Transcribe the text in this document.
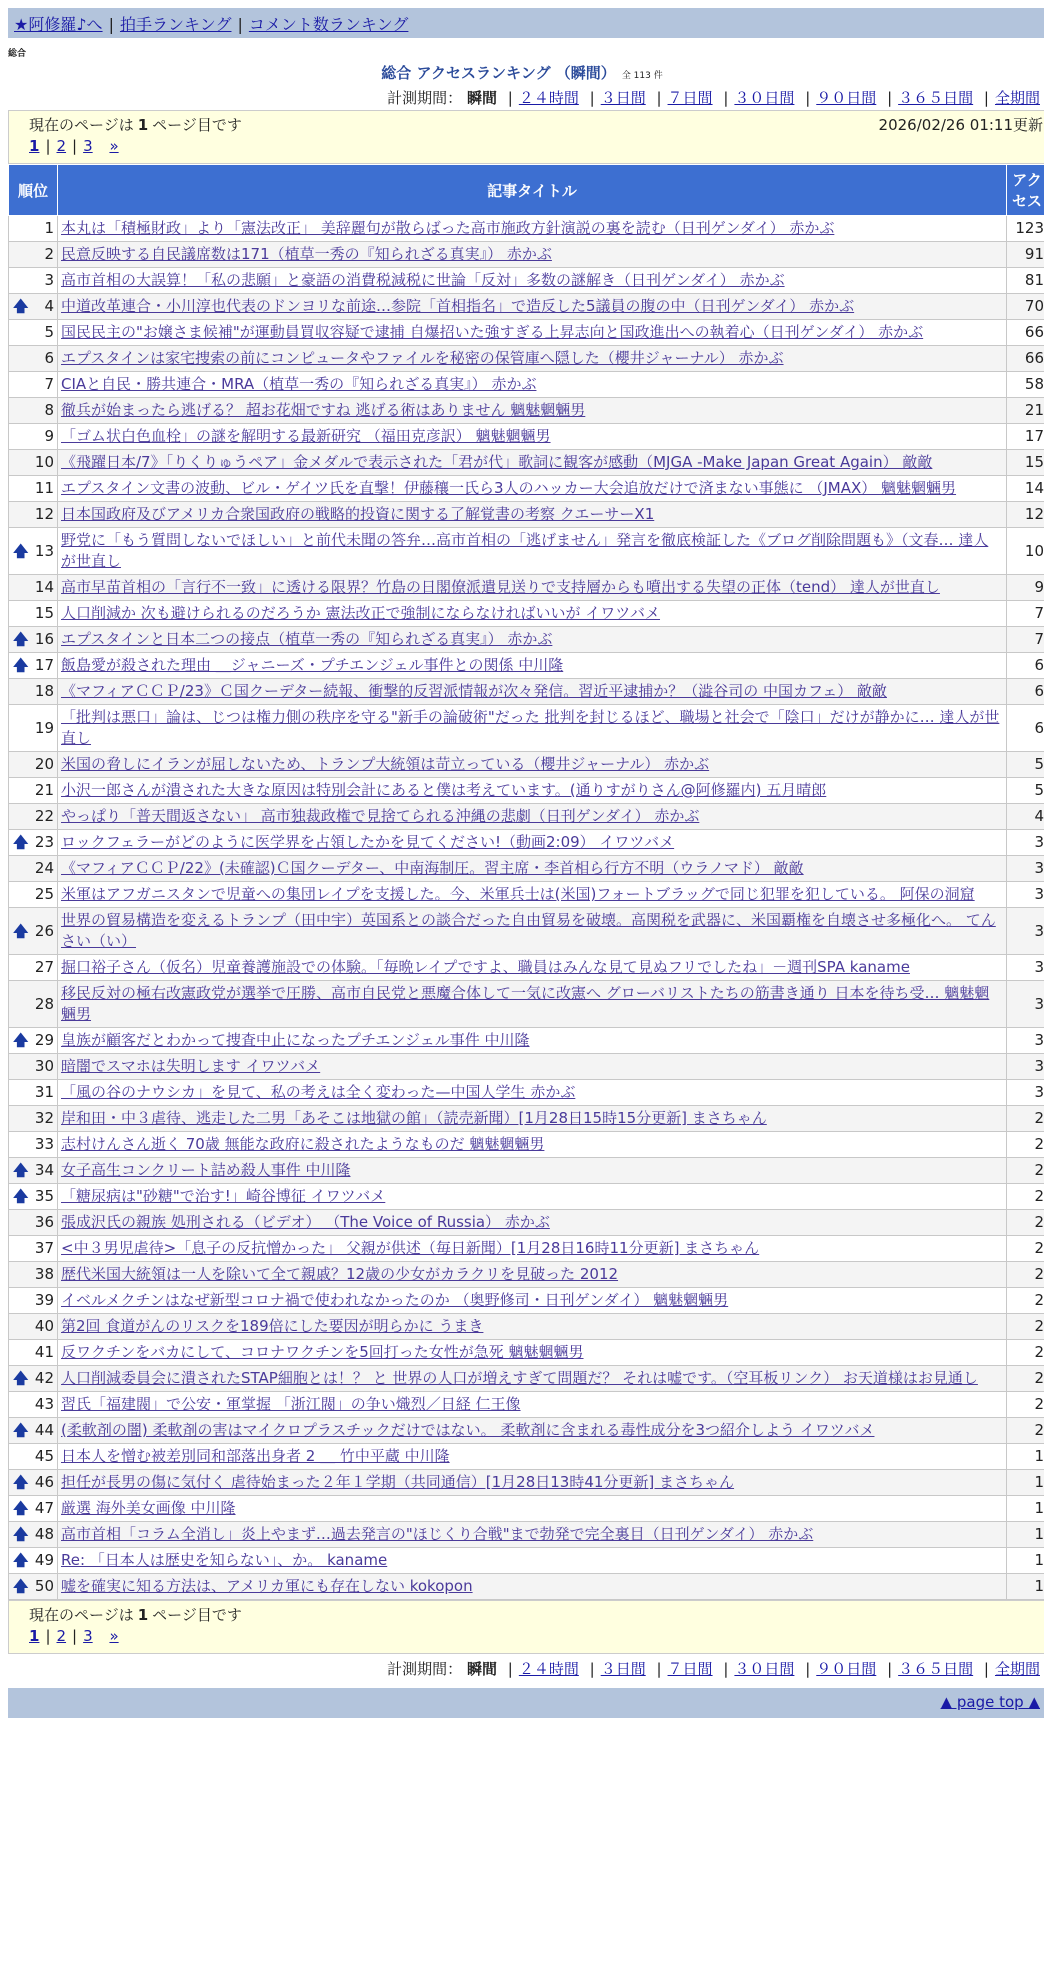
★阿修羅♪へ | 拍手ランキング | コメント数ランキング
総合
総合 アクセスランキング （瞬間） 全 113 件
計測期間： 瞬間 | ２４時間 | ３日間 | ７日間 | ３０日間 | ９０日間 | ３６５日間 | 全期間
現在のページは 1 ページ目です	2026/02/26 01:11更新
1 | 2 | 3 »
順位	記事タイトル	アクセス
1	本丸は「積極財政」より「憲法改正」 美辞麗句が散らばった高市施政方針演説の裏を読む（日刊ゲンダイ） 赤かぶ	123
2	民意反映する自民議席数は171（植草一秀の『知られざる真実』） 赤かぶ	91
3	高市首相の大誤算！「私の悲願」と豪語の消費税減税に世論「反対」多数の謎解き（日刊ゲンダイ） 赤かぶ	81

🡅 4	中道改革連合・小川淳也代表のドンヨリな前途…参院「首相指名」で造反した5議員の腹の中（日刊ゲンダイ） 赤かぶ	70
5	国民民主の"お嬢さま候補"が運動員買収容疑で逮捕 自爆招いた強すぎる上昇志向と国政進出への執着心（日刊ゲンダイ） 赤かぶ	66
6	エプスタインは家宅捜索の前にコンピュータやファイルを秘密の保管庫へ隠した（櫻井ジャーナル） 赤かぶ	66
7	CIAと自民・勝共連合・MRA（植草一秀の『知られざる真実』） 赤かぶ	58
8	徹兵が始まったら逃げる？ 超お花畑ですね 逃げる術はありません 魑魅魍魎男	21
9	「ゴム状白色血栓」の謎を解明する最新研究 （福田克彦訳） 魑魅魍魎男	17
10	《飛躍日本/7》「りくりゅうペア」金メダルで表示された「君が代」歌詞に観客が感動（MJGA -Make Japan Great Again） 敵敵	15
11	エプスタイン文書の波動、ビル・ゲイツ氏を直撃！伊藤穰一氏ら3人のハッカー大会追放だけで済まない事態に （JMAX） 魑魅魍魎男	14
12	日本国政府及びアメリカ合衆国政府の戦略的投資に関する了解覚書の考察 クエーサーX1	12

🡅 13	野党に「もう質問しないでほしい」と前代未聞の答弁…高市首相の「逃げません」発言を徹底検証した《ブログ削除問題も》（文春… 達人が世直し	10
14	高市早苗首相の「言行不一致」に透ける限界？竹島の日閣僚派遣見送りで支持層からも噴出する失望の正体（tend） 達人が世直し	9
15	人口削減か 次も避けられるのだろうか 憲法改正で強制にならなければいいが イワツバメ	7

🡅 16	エプスタインと日本二つの接点（植草一秀の『知られざる真実』） 赤かぶ	7

🡅 17	飯島愛が殺された理由 ＿ジャニーズ・プチエンジェル事件との関係 中川隆	6
18	《マフィアＣＣＰ/23》Ｃ国クーデター続報、衝撃的反習派情報が次々発信。習近平逮捕か？（澁谷司の 中国カフェ） 敵敵	6
19	「批判は悪口」論は、じつは権力側の秩序を守る"新手の論破術"だった 批判を封じるほど、職場と社会で「陰口」だけが静かに… 達人が世直し	6
20	米国の脅しにイランが屈しないため、トランプ大統領は苛立っている（櫻井ジャーナル） 赤かぶ	5
21	小沢一郎さんが潰された大きな原因は特別会計にあると僕は考えています。(通りすがりさん@阿修羅内) 五月晴郎	5
22	やっぱり「普天間返さない」 高市独裁政権で見捨てられる沖縄の悲劇（日刊ゲンダイ） 赤かぶ	4

🡅 23	ロックフェラーがどのように医学界を占領したかを見てください!（動画2:09） イワツバメ	3
24	《マフィアＣＣＰ/22》(未確認)Ｃ国クーデター、中南海制圧。習主席・李首相ら行方不明（ウラノマド） 敵敵	3
25	米軍はアフガニスタンで児童への集団レイプを支援した。今、米軍兵士は(米国)フォートブラッグで同じ犯罪を犯している。 阿保の洞窟	3

🡅 26	世界の貿易構造を変えるトランプ（田中宇）英国系との談合だった自由貿易を破壊。高関税を武器に、米国覇権を自壊させ多極化へ。 てんさい（い）	3
27	掘口裕子さん（仮名）児童養護施設での体験。「毎晩レイプですよ、職員はみんな見て見ぬフリでしたね」－週刊SPA kaname	3
28	移民反対の極右改憲政党が選挙で圧勝、高市自民党と悪魔合体して一気に改憲へ グローバリストたちの筋書き通り 日本を待ち受… 魑魅魍魎男	3

🡅 29	皇族が顧客だとわかって捜査中止になったプチエンジェル事件 中川隆	3
30	暗闇でスマホは失明します イワツバメ	3
31	「風の谷のナウシカ」を見て、私の考えは全く変わった—中国人学生 赤かぶ	3
32	岸和田・中３虐待、逃走した二男「あそこは地獄の館」（読売新聞）[1月28日15時15分更新] まさちゃん	2
33	志村けんさん逝く 70歳 無能な政府に殺されたようなものだ 魑魅魍魎男	2

🡅 34	女子高生コンクリート詰め殺人事件 中川隆	2

🡅 35	「糖尿病は"砂糖"で治す!」崎谷博征 イワツバメ	2
36	張成沢氏の親族 処刑される（ビデオ） （The Voice of Russia） 赤かぶ	2
37	<中３男児虐待>「息子の反抗憎かった」 父親が供述（毎日新聞）[1月28日16時11分更新] まさちゃん	2
38	歴代米国大統領は一人を除いて全て親戚？12歳の少女がカラクリを見破った 2012	2
39	イベルメクチンはなぜ新型コロナ禍で使われなかったのか （奥野修司・日刊ゲンダイ） 魑魅魍魎男	2
40	第2回 食道がんのリスクを189倍にした要因が明らかに うまき	2
41	反ワクチンをバカにして、コロナワクチンを5回打った女性が急死 魑魅魍魎男	2

🡅 42	人口削減委員会に潰されたSTAP細胞とは！？ と 世界の人口が増えすぎて問題だ？ それは嘘です。（空耳板リンク） お天道様はお見通し	2
43	習氏「福建閥」で公安・軍掌握 「浙江閥」の争い熾烈／日経 仁王像	2

🡅 44	(柔軟剤の闇) 柔軟剤の害はマイクロプラスチックだけではない。 柔軟剤に含まれる毒性成分を3つ紹介しよう イワツバメ	2
45	日本人を憎む被差別同和部落出身者 2 ＿ 竹中平蔵 中川隆	1

🡅 46	担任が長男の傷に気付く 虐待始まった２年１学期（共同通信）[1月28日13時41分更新] まさちゃん	1

🡅 47	厳選 海外美女画像 中川隆	1

🡅 48	高市首相「コラム全消し」炎上やまず…過去発言の"ほじくり合戦"まで勃発で完全裏目（日刊ゲンダイ） 赤かぶ	1

🡅 49	Re: 「日本人は歴史を知らない」、か。 kaname	1

🡅 50	嘘を確実に知る方法は、アメリカ軍にも存在しない kokopon	1
計測期間： 瞬間 | ２４時間 | ３日間 | ７日間 | ３０日間 | ９０日間 | ３６５日間 | 全期間
現在のページは 1 ページ目です
1 | 2 | 3 »
▲ page top ▲
